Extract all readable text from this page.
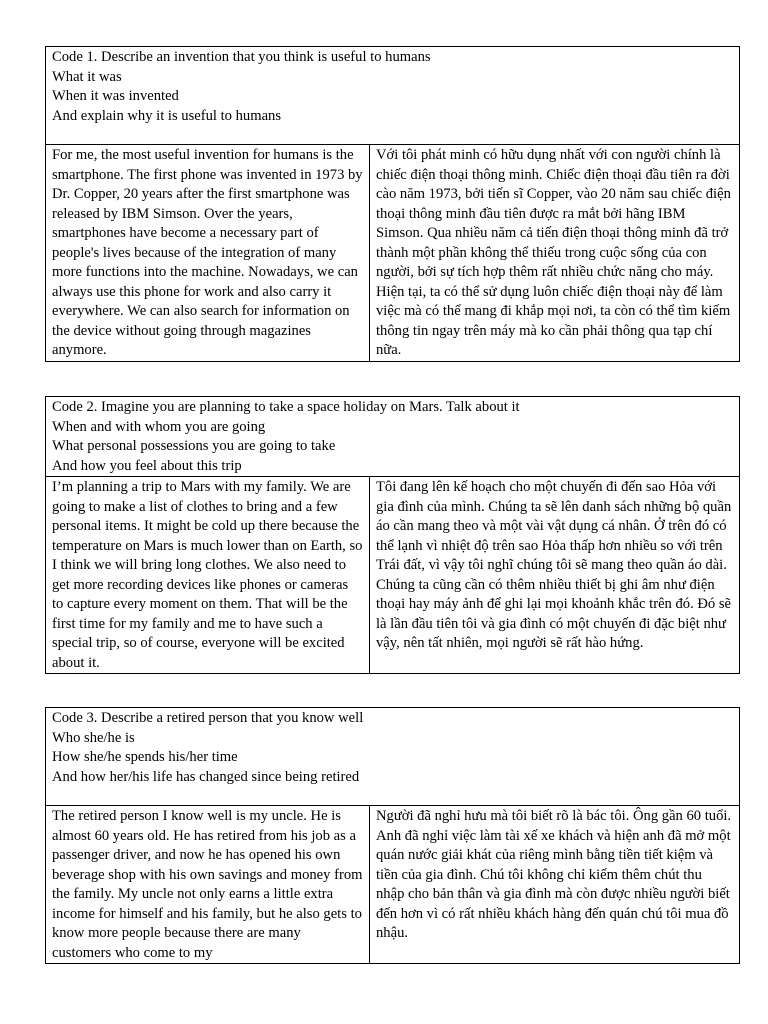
Code 1. Describe an invention that you think is useful to humans
What it was
When it was invented
And explain why it is useful to humans

For me, the most useful invention for humans is the smartphone. The first phone was invented in 1973 by Dr. Copper, 20 years after the first smartphone was released by IBM Simson. Over the years, smartphones have become a necessary part of people's lives because of the integration of many more functions into the machine. Nowadays, we can always use this phone for work and also carry it everywhere. We can also search for information on the device without going through magazines anymore.	Với tôi phát minh có hữu dụng nhất với con người chính là chiếc điện thoại thông minh. Chiếc điện thoại đầu tiên ra đời cào năm 1973, bởi tiến sĩ Copper, vào 20 năm sau chiếc điện thoại thông minh đầu tiên được ra mắt bởi hãng IBM Simson. Qua nhiều năm cả tiến điện thoại thông minh đã trở thành một phần không thể thiếu trong cuộc sống của con người, bởi sự tích hợp thêm rất nhiều chức năng cho máy. Hiện tại, ta có thể sử dụng luôn chiếc điện thoại này để làm việc mà có thể mang đi khắp mọi nơi, ta còn có thể tìm kiếm thông tin ngay trên máy mà ko cần phải thông qua tạp chí nữa.
Code 2. Imagine you are planning to take a space holiday on Mars. Talk about it
When and with whom you are going
What personal possessions you are going to take
And how you feel about this trip

I’m planning a trip to Mars with my family. We are going to make a list of clothes to bring and a few personal items. It might be cold up there because the temperature on Mars is much lower than on Earth, so I think we will bring long clothes. We also need to get more recording devices like phones or cameras to capture every moment on them. That will be the first time for my family and me to have such a special trip, so of course, everyone will be excited about it.	Tôi đang lên kế hoạch cho một chuyến đi đến sao Hỏa với gia đình của mình. Chúng ta sẽ lên danh sách những bộ quần áo cần mang theo và một vài vật dụng cá nhân. Ở trên đó có thể lạnh vì nhiệt độ trên sao Hỏa thấp hơn nhiều so với trên Trái đất, vì vậy tôi nghĩ chúng tôi sẽ mang theo quần áo dài. Chúng ta cũng cần có thêm nhiều thiết bị ghi âm như điện thoại hay máy ảnh để ghi lại mọi khoảnh khắc trên đó. Đó sẽ là lần đầu tiên tôi và gia đình có một chuyến đi đặc biệt như vậy, nên tất nhiên, mọi người sẽ rất hào hứng.
Code 3. Describe a retired person that you know well
Who she/he is
How she/he spends his/her time
And how her/his life has changed since being retired

The retired person I know well is my uncle. He is almost 60 years old. He has retired from his job as a passenger driver, and now he has opened his own beverage shop with his own savings and money from the family. My uncle not only earns a little extra income for himself and his family, but he also gets to know more people because there are many customers who come to my	Người đã nghỉ hưu mà tôi biết rõ là bác tôi. Ông gần 60 tuổi. Anh đã nghỉ việc làm tài xế xe khách và hiện anh đã mở một quán nước giải khát của riêng mình bằng tiền tiết kiệm và tiền của gia đình. Chú tôi không chỉ kiếm thêm chút thu nhập cho bản thân và gia đình mà còn được nhiều người biết đến hơn vì có rất nhiều khách hàng đến quán chú tôi mua đồ nhậu.
